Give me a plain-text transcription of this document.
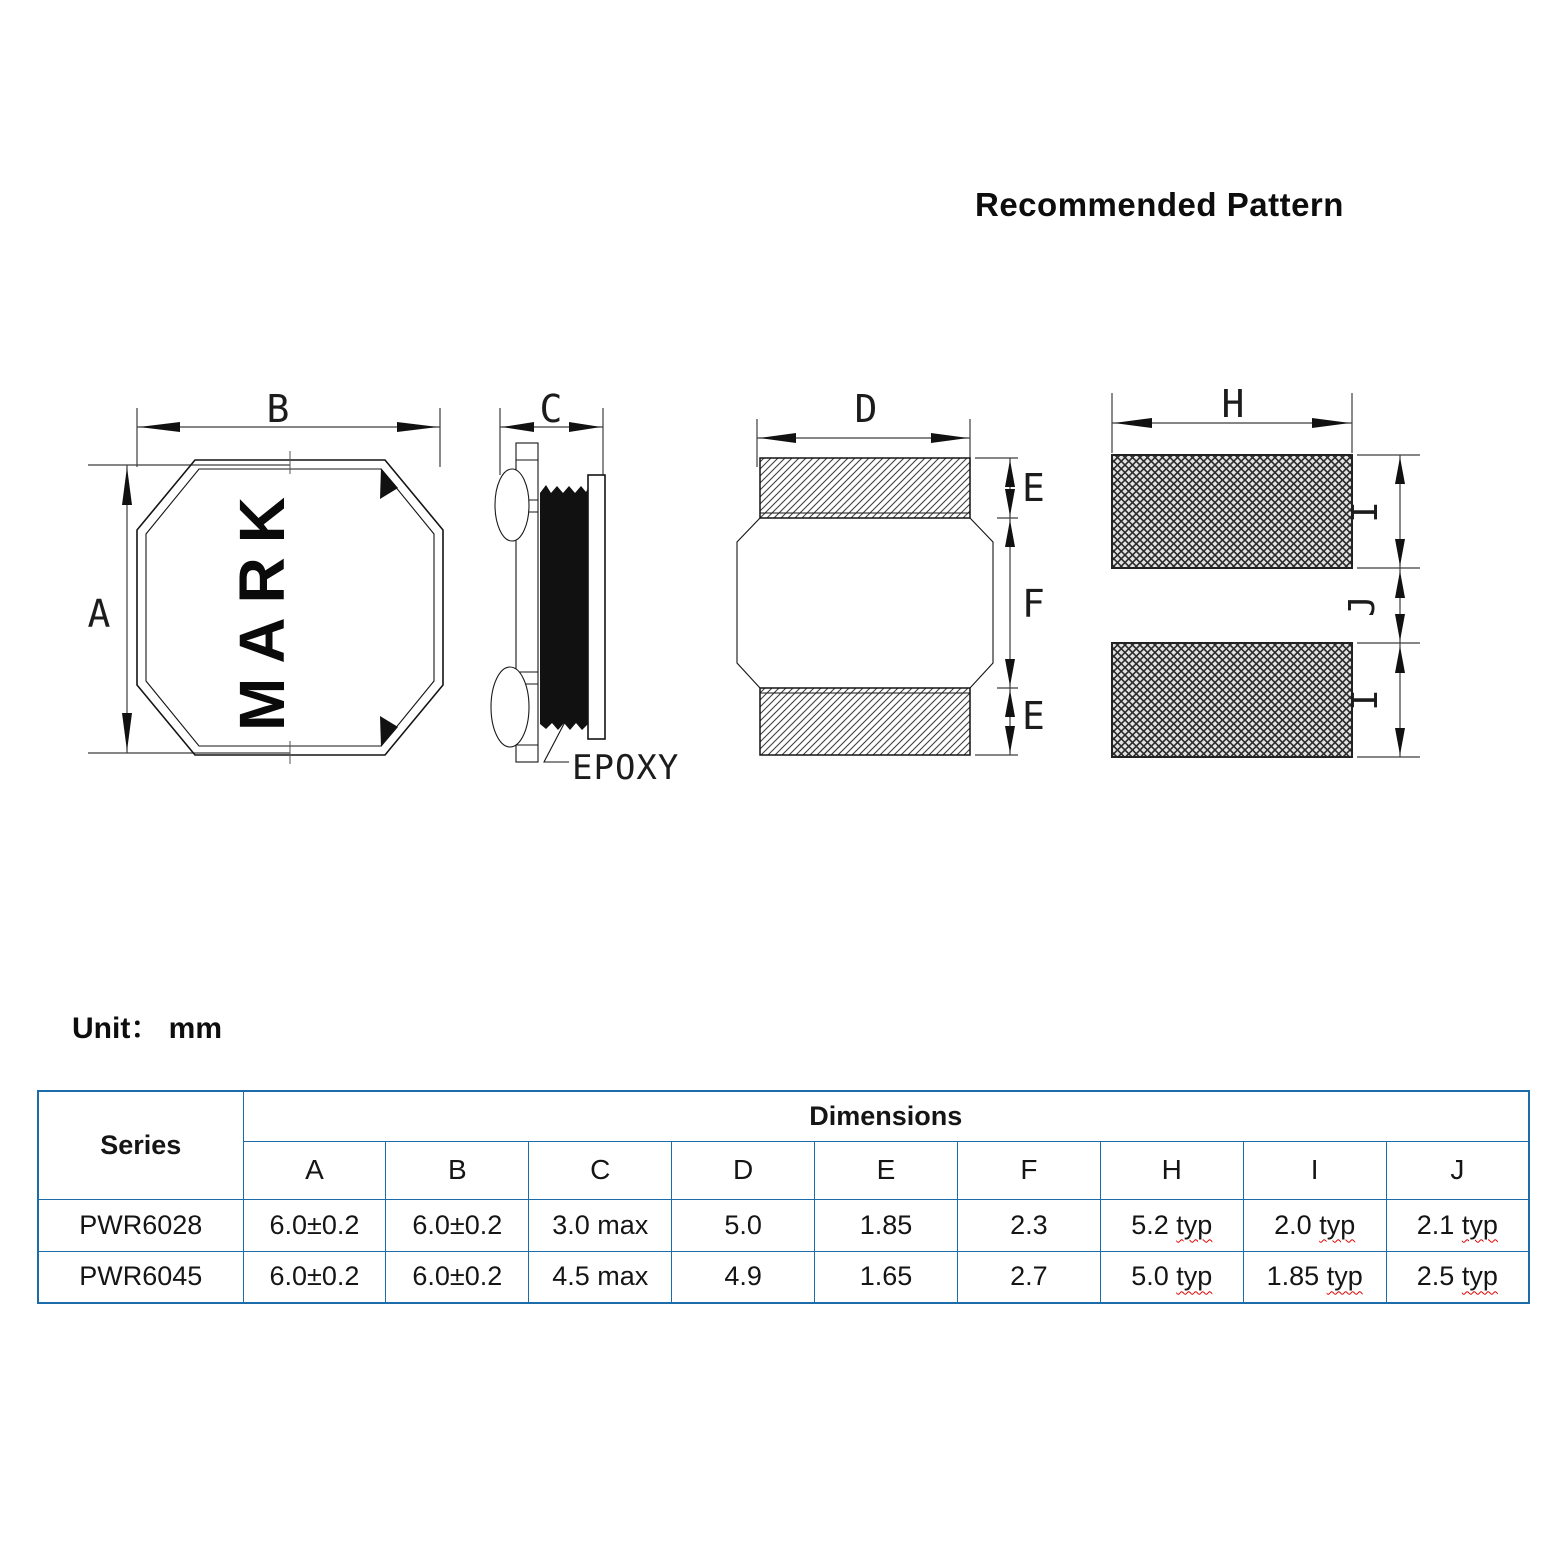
Recommended Pattern
B
A MARK
C
EPOXY
D
E
F
E
H
I
J
I
Unit： mm
Series	Dimensions								
	A	B	C	D	E	F	H	I	J
PWR6028	6.0±0.2	6.0±0.2	3.0 max	5.0	1.85	2.3	5.2 typ	2.0 typ	2.1 typ
PWR6045	6.0±0.2	6.0±0.2	4.5 max	4.9	1.65	2.7	5.0 typ	1.85 typ	2.5 typ
